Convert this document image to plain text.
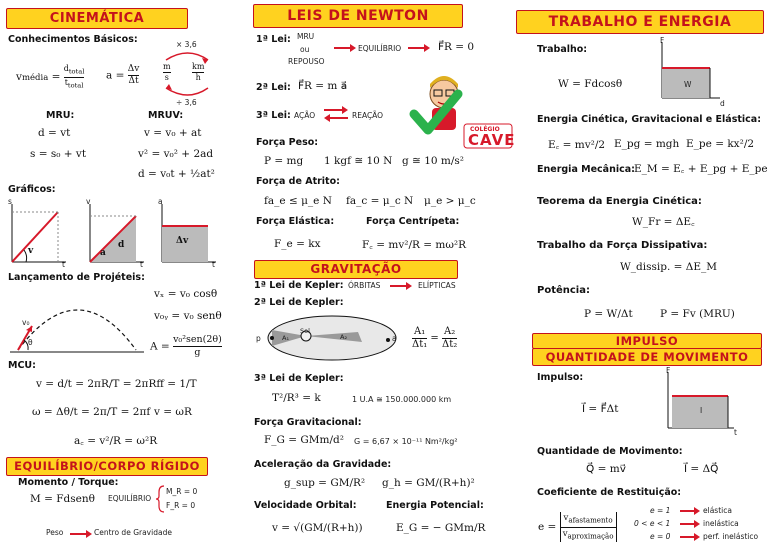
CINEMÁTICA
Conhecimentos Básicos:
vmédia =
$d_{total}$
$t_{total}$
$a = \frac{\Delta v}{\Delta t}$
× 3,6
÷ 3,6
m
s
km
h
MRU:	MRUV:
d = vt
s = s₀ + vt
v = v₀ + at
v² = v₀² + 2ad
d = v₀t + ½at²
Gráficos:
s
t
v
v
t
d
a
a
t
Δv
Lançamento de Projéteis:
v₀
θ
vₓ = v₀ cosθ
v₀ᵧ = v₀ senθ
A =
v₀²sen(2θ)
g
MCU:
v = d/t = 2πR/T = 2πRf f = 1/T
ω = Δθ/t = 2π/T = 2πf v = ωR
a꜀ = v²/R = ω²R
EQUILÍBRIO/CORPO RÍGIDO
Momento / Torque:
M = Fdsenθ EQUILÍBRIO
M_R = 0
F_R = 0
Peso	Centro de Gravidade
LEIS DE NEWTON
1ª Lei: MRU
ou
REPOUSO
EQUILÍBRIO	F⃗R = 0
2ª Lei: F⃗R = m a⃗
3ª Lei: AÇÃO	REAÇÃO
COLÉGIO
CAVE
Força Peso:
P = mg 1 kgf ≅ 10 N g ≅ 10 m/s²
Força de Atrito:
fa_e ≤ μ_e N fa_c = μ_c N μ_e > μ_c
Força Elástica:	Força Centrípeta:
F_e = kx	F꜀ = mv²/R = mω²R
GRAVITAÇÃO
1ª Lei de Kepler: ÓRBITAS	ELÍPTICAS
2ª Lei de Kepler:
Sol
p	a
A₁	A₂	$\frac{\text{A₁}}{\text{Δt₁}} = \frac{\text{A₂}}{\text{Δt₂}}$
3ª Lei de Kepler:
T²/R³ = k	1 U.A ≅ 150.000.000 km
Força Gravitacional:
F_G = GMm/d² G = 6,67 × 10⁻¹¹ Nm²/kg²
Aceleração da Gravidade:
g_sup = GM/R² g_h = GM/(R+h)²
Velocidade Orbital:	Energia Potencial:
v = √(GM/(R+h))	E_G = − GMm/R
TRABALHO E ENERGIA
Trabalho:
W = Fdcosθ
F
W
d
Energia Cinética, Gravitacional e Elástica:
E꜀ = mv²/2 E_pg = mgh E_pe = kx²/2
Energia Mecânica: E_M = E꜀ + E_pg + E_pe
Teorema da Energia Cinética:
W_Fr = ΔE꜀
Trabalho da Força Dissipativa:
W_dissip. = ΔE_M
Potência:
P = W/Δt	P = Fv (MRU)
IMPULSO
QUANTIDADE DE MOVIMENTO
Impulso:
I⃗ = F⃗Δt
F
I
t
Quantidade de Movimento:
Q⃗ = mv⃗	I⃗ = ΔQ⃗
Coeficiente de Restituição:
e =
$v_{afastamento}$
$v_{aproximação}$
e = 1
0 < e < 1
e = 0
elástica
inelástica
perf. inelástico
